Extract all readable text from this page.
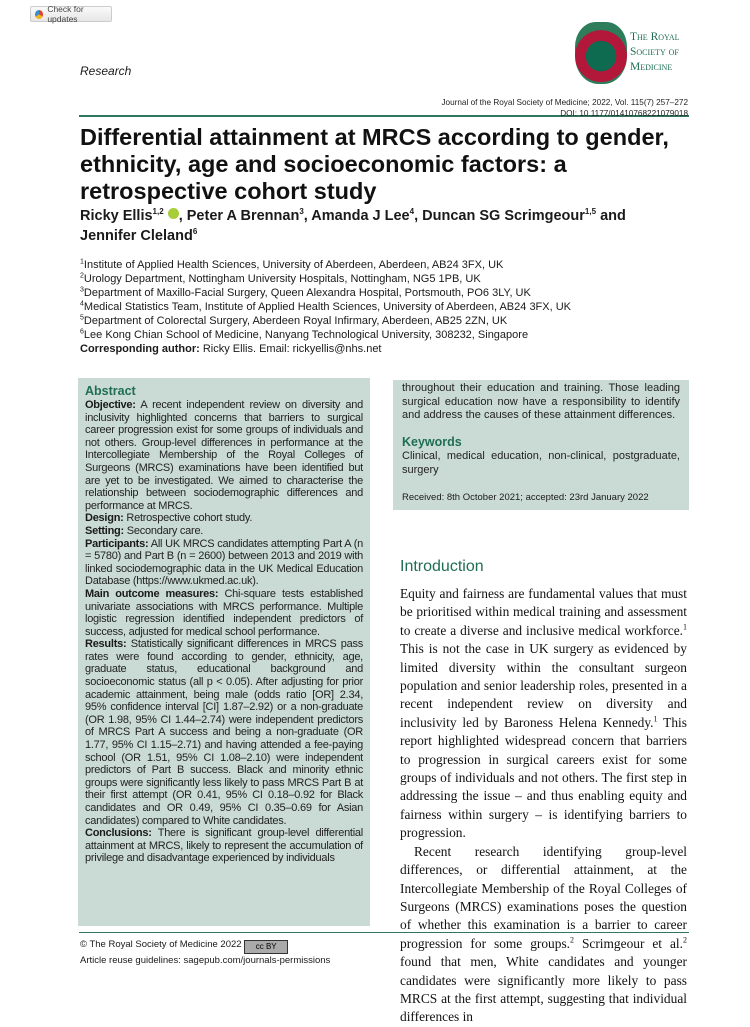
Check for updates
Research
The Royal
Society of
Medicine
Journal of the Royal Society of Medicine; 2022, Vol. 115(7) 257–272
DOI: 10.1177/01410768221079018
Differential attainment at MRCS according to gender, ethnicity, age and socioeconomic factors: a retrospective cohort study
Ricky Ellis$^{1,2}$ , Peter A Brennan$^3$, Amanda J Lee$^4$, Duncan SG Scrimgeour$^{1,5}$ and Jennifer Cleland$^6$
$^1$Institute of Applied Health Sciences, University of Aberdeen, Aberdeen, AB24 3FX, UK
$^2$Urology Department, Nottingham University Hospitals, Nottingham, NG5 1PB, UK
$^3$Department of Maxillo-Facial Surgery, Queen Alexandra Hospital, Portsmouth, PO6 3LY, UK
$^4$Medical Statistics Team, Institute of Applied Health Sciences, University of Aberdeen, AB24 3FX, UK
$^5$Department of Colorectal Surgery, Aberdeen Royal Infirmary, Aberdeen, AB25 2ZN, UK
$^6$Lee Kong Chian School of Medicine, Nanyang Technological University, 308232, Singapore
Corresponding author: Ricky Ellis. Email: rickyellis@nhs.net
Abstract
Objective: A recent independent review on diversity and inclusivity highlighted concerns that barriers to surgical career progression exist for some groups of individuals and not others. Group-level differences in performance at the Intercollegiate Membership of the Royal Colleges of Surgeons (MRCS) examinations have been identified but are yet to be investigated. We aimed to characterise the relationship between sociodemographic differences and performance at MRCS.
Design: Retrospective cohort study.
Setting: Secondary care.
Participants: All UK MRCS candidates attempting Part A (n = 5780) and Part B (n = 2600) between 2013 and 2019 with linked sociodemographic data in the UK Medical Education Database (https://www.ukmed.ac.uk).
Main outcome measures: Chi-square tests established univariate associations with MRCS performance. Multiple logistic regression identified independent predictors of success, adjusted for medical school performance.
Results: Statistically significant differences in MRCS pass rates were found according to gender, ethnicity, age, graduate status, educational background and socioeconomic status (all p < 0.05). After adjusting for prior academic attainment, being male (odds ratio [OR] 2.34, 95% confidence interval [CI] 1.87–2.92) or a non-graduate (OR 1.98, 95% CI 1.44–2.74) were independent predictors of MRCS Part A success and being a non-graduate (OR 1.77, 95% CI 1.15–2.71) and having attended a fee-paying school (OR 1.51, 95% CI 1.08–2.10) were independent predictors of Part B success. Black and minority ethnic groups were significantly less likely to pass MRCS Part B at their first attempt (OR 0.41, 95% CI 0.18–0.92 for Black candidates and OR 0.49, 95% CI 0.35–0.69 for Asian candidates) compared to White candidates.
Conclusions: There is significant group-level differential attainment at MRCS, likely to represent the accumulation of privilege and disadvantage experienced by individuals
throughout their education and training. Those leading surgical education now have a responsibility to identify and address the causes of these attainment differences.
Keywords
Clinical, medical education, non-clinical, postgraduate, surgery
Received: 8th October 2021; accepted: 23rd January 2022
Introduction

Equity and fairness are fundamental values that must be prioritised within medical training and assessment to create a diverse and inclusive medical workforce.$^1$ This is not the case in UK surgery as evidenced by limited diversity within the consultant surgeon population and senior leadership roles, presented in a recent independent review on diversity and inclusivity led by Baroness Helena Kennedy.$^1$ This report highlighted widespread concern that barriers to progression in surgical careers exist for some groups of individuals and not others. The first step in addressing the issue – and thus enabling equity and fairness within surgery – is identifying barriers to progression.

Recent research identifying group-level differences, or differential attainment, at the Intercollegiate Membership of the Royal Colleges of Surgeons (MRCS) examinations poses the question of whether this examination is a barrier to career progression for some groups.$^2$ Scrimgeour et al.$^2$ found that men, White candidates and younger candidates were significantly more likely to pass MRCS at the first attempt, suggesting that individual differences in

© The Royal Society of Medicine 2022 cc BY
Article reuse guidelines: sagepub.com/journals-permissions
